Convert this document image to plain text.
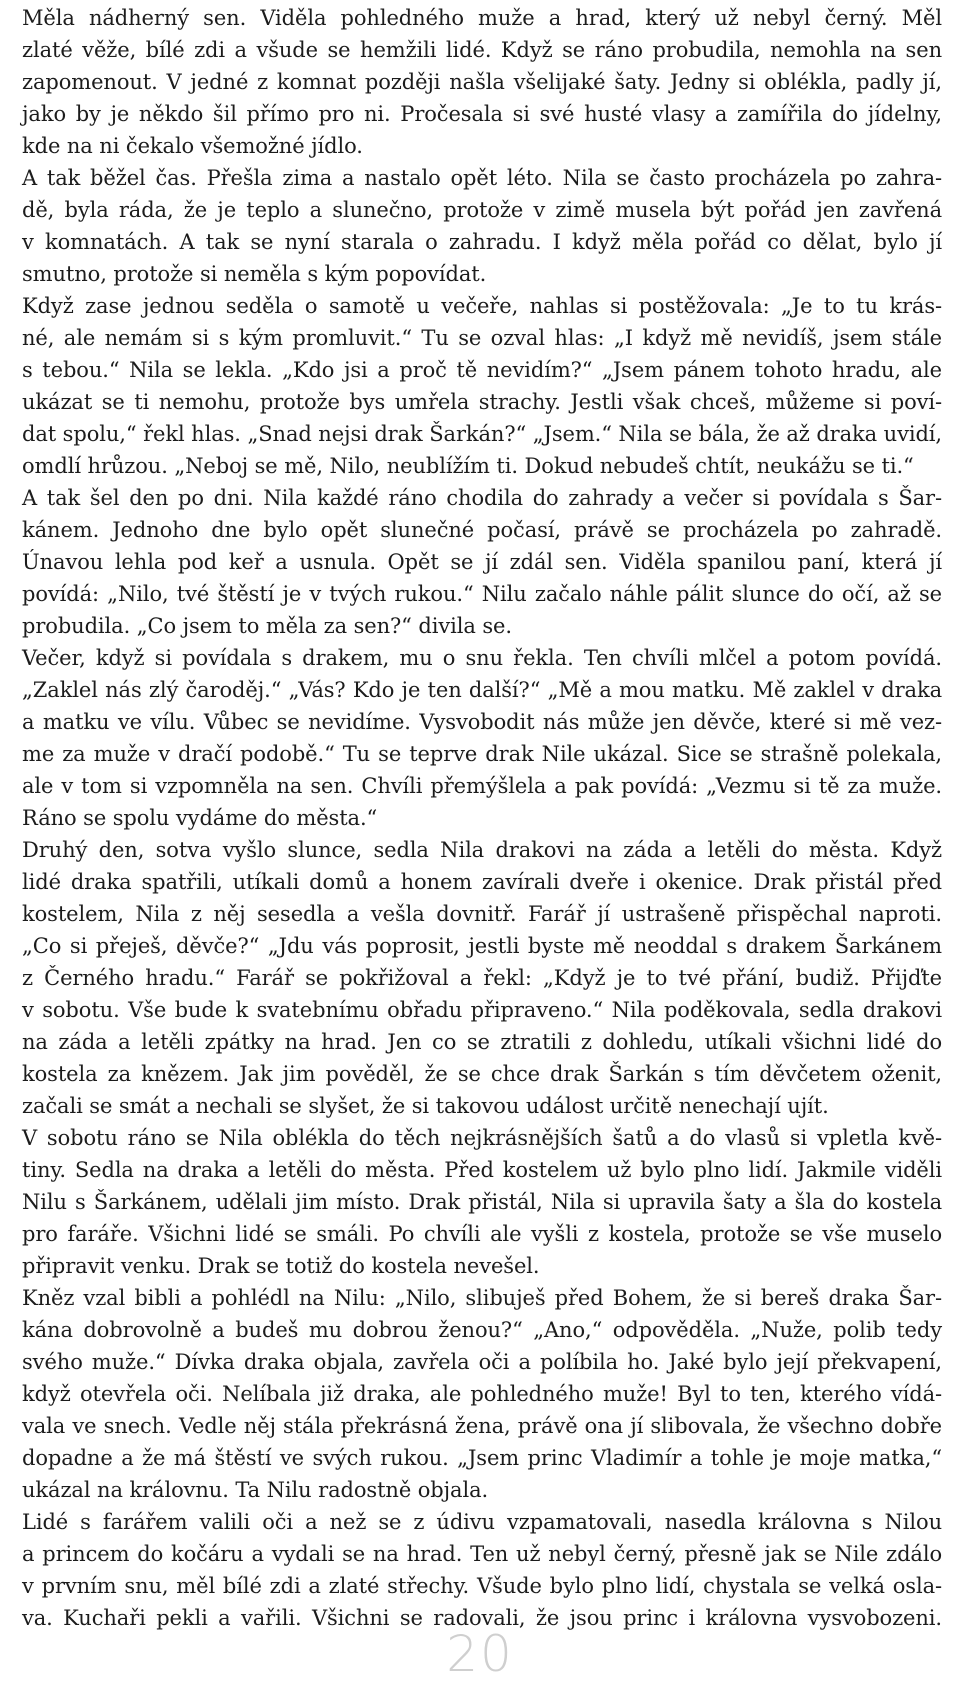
Měla nádherný sen. Viděla pohledného muže a hrad, který už nebyl černý. Měl
zlaté věže, bílé zdi a všude se hemžili lidé. Když se ráno probudila, nemohla na sen
zapomenout. V jedné z komnat později našla všelijaké šaty. Jedny si oblékla, padly jí,
jako by je někdo šil přímo pro ni. Pročesala si své husté vlasy a zamířila do jídelny,
kde na ni čekalo všemožné jídlo.
A tak běžel čas. Přešla zima a nastalo opět léto. Nila se často procházela po zahra-
dě, byla ráda, že je teplo a slunečno, protože v zimě musela být pořád jen zavřená
v komnatách. A tak se nyní starala o zahradu. I když měla pořád co dělat, bylo jí
smutno, protože si neměla s kým popovídat.
Když zase jednou seděla o samotě u večeře, nahlas si postěžovala: „Je to tu krás-
né, ale nemám si s kým promluvit.“ Tu se ozval hlas: „I když mě nevidíš, jsem stále
s tebou.“ Nila se lekla. „Kdo jsi a proč tě nevidím?“ „Jsem pánem tohoto hradu, ale
ukázat se ti nemohu, protože bys umřela strachy. Jestli však chceš, můžeme si poví-
dat spolu,“ řekl hlas. „Snad nejsi drak Šarkán?“ „Jsem.“ Nila se bála, že až draka uvidí,
omdlí hrůzou. „Neboj se mě, Nilo, neublížím ti. Dokud nebudeš chtít, neukážu se ti.“
A tak šel den po dni. Nila každé ráno chodila do zahrady a večer si povídala s Šar-
kánem. Jednoho dne bylo opět slunečné počasí, právě se procházela po zahradě.
Únavou lehla pod keř a usnula. Opět se jí zdál sen. Viděla spanilou paní, která jí
povídá: „Nilo, tvé štěstí je v tvých rukou.“ Nilu začalo náhle pálit slunce do očí, až se
probudila. „Co jsem to měla za sen?“ divila se.
Večer, když si povídala s drakem, mu o snu řekla. Ten chvíli mlčel a potom povídá.
„Zaklel nás zlý čaroděj.“ „Vás? Kdo je ten další?“ „Mě a mou matku. Mě zaklel v draka
a matku ve vílu. Vůbec se nevidíme. Vysvobodit nás může jen děvče, které si mě vez-
me za muže v dračí podobě.“ Tu se teprve drak Nile ukázal. Sice se strašně polekala,
ale v tom si vzpomněla na sen. Chvíli přemýšlela a pak povídá: „Vezmu si tě za muže.
Ráno se spolu vydáme do města.“
Druhý den, sotva vyšlo slunce, sedla Nila drakovi na záda a letěli do města. Když
lidé draka spatřili, utíkali domů a honem zavírali dveře i okenice. Drak přistál před
kostelem, Nila z něj sesedla a vešla dovnitř. Farář jí ustrašeně přispěchal naproti.
„Co si přeješ, děvče?“ „Jdu vás poprosit, jestli byste mě neoddal s drakem Šarkánem
z Černého hradu.“ Farář se pokřižoval a řekl: „Když je to tvé přání, budiž. Přijďte
v sobotu. Vše bude k svatebnímu obřadu připraveno.“ Nila poděkovala, sedla drakovi
na záda a letěli zpátky na hrad. Jen co se ztratili z dohledu, utíkali všichni lidé do
kostela za knězem. Jak jim pověděl, že se chce drak Šarkán s tím děvčetem oženit,
začali se smát a nechali se slyšet, že si takovou událost určitě nenechají ujít.
V sobotu ráno se Nila oblékla do těch nejkrásnějších šatů a do vlasů si vpletla kvě-
tiny. Sedla na draka a letěli do města. Před kostelem už bylo plno lidí. Jakmile viděli
Nilu s Šarkánem, udělali jim místo. Drak přistál, Nila si upravila šaty a šla do kostela
pro faráře. Všichni lidé se smáli. Po chvíli ale vyšli z kostela, protože se vše muselo
připravit venku. Drak se totiž do kostela nevešel.
Kněz vzal bibli a pohlédl na Nilu: „Nilo, slibuješ před Bohem, že si bereš draka Šar-
kána dobrovolně a budeš mu dobrou ženou?“ „Ano,“ odpověděla. „Nuže, polib tedy
svého muže.“ Dívka draka objala, zavřela oči a políbila ho. Jaké bylo její překvapení,
když otevřela oči. Nelíbala již draka, ale pohledného muže! Byl to ten, kterého vídá-
vala ve snech. Vedle něj stála překrásná žena, právě ona jí slibovala, že všechno dobře
dopadne a že má štěstí ve svých rukou. „Jsem princ Vladimír a tohle je moje matka,“
ukázal na královnu. Ta Nilu radostně objala.
Lidé s farářem valili oči a než se z údivu vzpamatovali, nasedla královna s Nilou
a princem do kočáru a vydali se na hrad. Ten už nebyl černý, přesně jak se Nile zdálo
v prvním snu, měl bílé zdi a zlaté střechy. Všude bylo plno lidí, chystala se velká osla-
va. Kuchaři pekli a vařili. Všichni se radovali, že jsou princ i královna vysvobozeni.
20
